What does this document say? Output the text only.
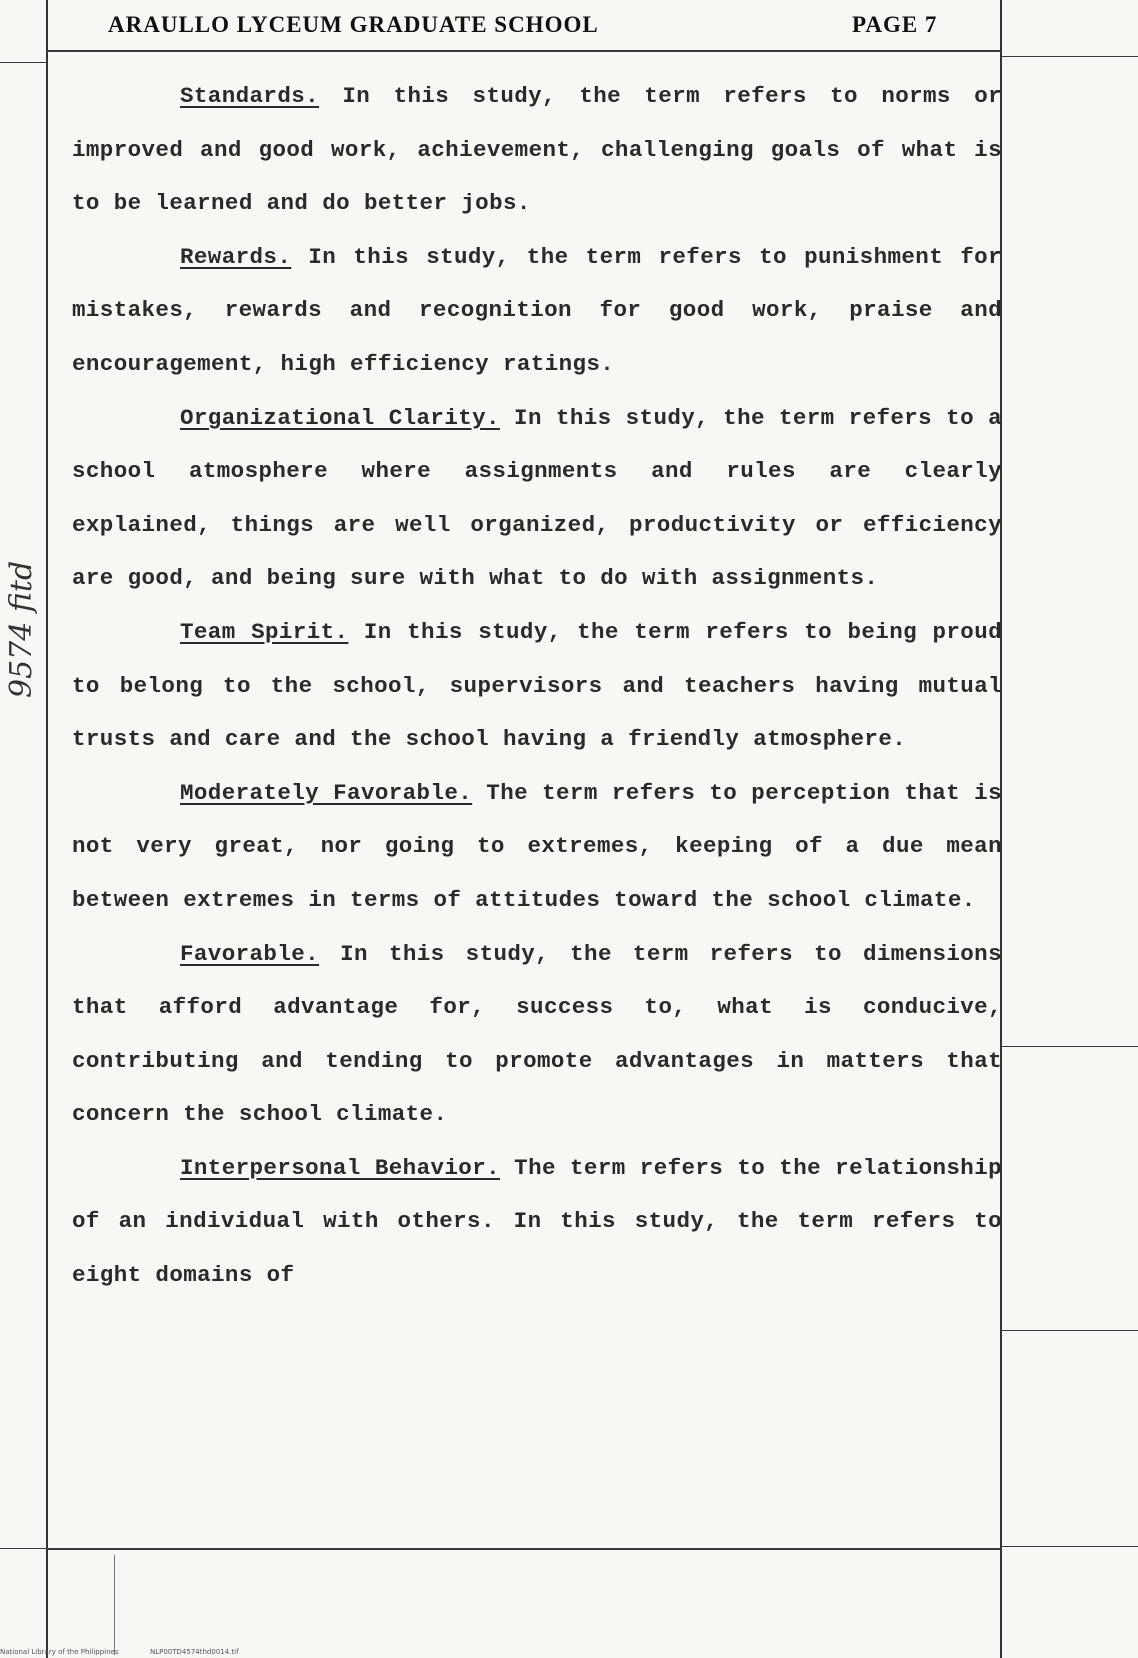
ARAULLO LYCEUM GRADUATE SCHOOL	PAGE 7
9574 fitd

Standards. In this study, the term refers to norms or improved and good work, achievement, challenging goals of what is to be learned and do better jobs.

Rewards. In this study, the term refers to punishment for mistakes, rewards and recognition for good work, praise and encouragement, high efficiency ratings.

Organizational Clarity. In this study, the term refers to a school atmosphere where assignments and rules are clearly explained, things are well organized, productivity or efficiency are good, and being sure with what to do with assignments.

Team Spirit. In this study, the term refers to being proud to belong to the school, supervisors and teachers having mutual trusts and care and the school having a friendly atmosphere.

Moderately Favorable. The term refers to perception that is not very great, nor going to extremes, keeping of a due mean between extremes in terms of attitudes toward the school climate.

Favorable. In this study, the term refers to dimensions that afford advantage for, success to, what is conducive, contributing and tending to promote advantages in matters that concern the school climate.

Interpersonal Behavior. The term refers to the relationship of an individual with others. In this study, the term refers to eight domains of

National Library of the Philippines	NLP00TD4574thd0014.tif
